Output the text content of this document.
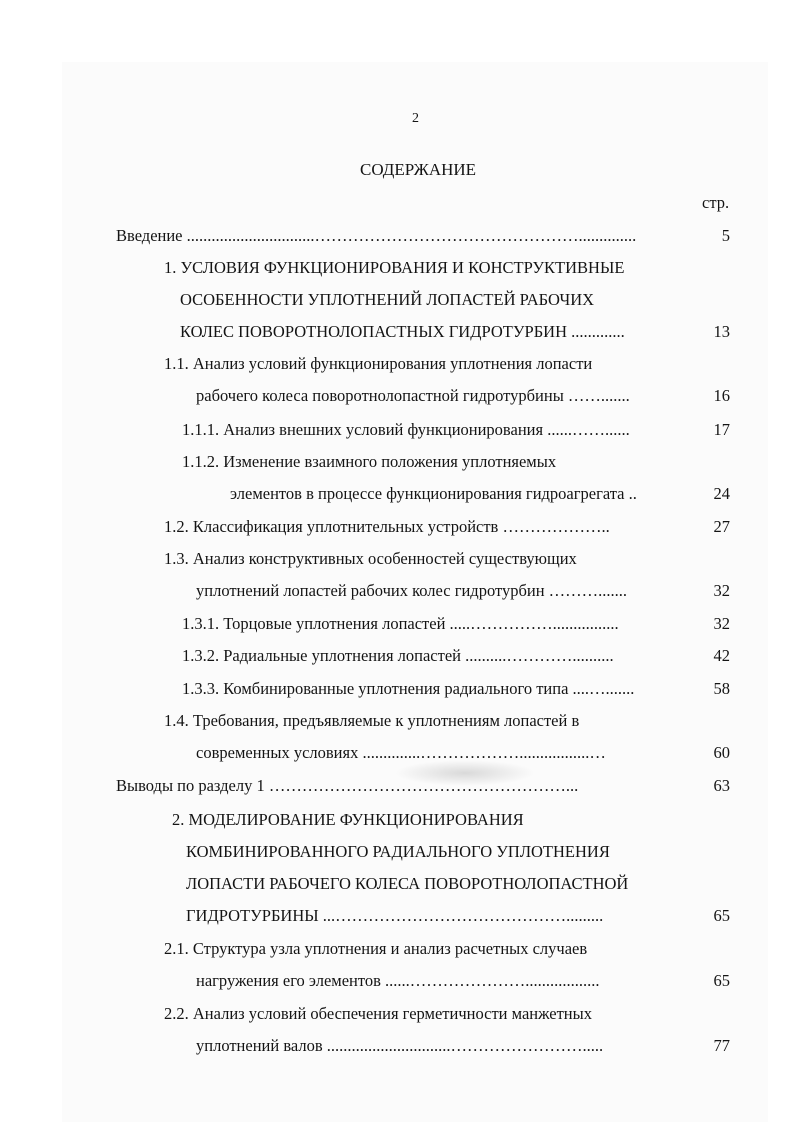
2
СОДЕРЖАНИЕ
стр.
Введение ...............................…………………………………………..............	5
1. УСЛОВИЯ ФУНКЦИОНИРОВАНИЯ И КОНСТРУКТИВНЫЕ
ОСОБЕННОСТИ УПЛОТНЕНИЙ ЛОПАСТЕЙ РАБОЧИХ
КОЛЕС ПОВОРОТНОЛОПАСТНЫХ ГИДРОТУРБИН .............	13
1.1. Анализ условий функционирования уплотнения лопасти
рабочего колеса поворотнолопастной гидротурбины …….......	16
1.1.1. Анализ внешних условий функционирования ......……......	17
1.1.2. Изменение взаимного положения уплотняемых
элементов в процессе функционирования гидроагрегата ..	24
1.2. Классификация уплотнительных устройств ………………..	27
1.3. Анализ конструктивных особенностей существующих
уплотнений лопастей рабочих колес гидротурбин ……….......	32
1.3.1. Торцовые уплотнения лопастей .....……………................	32
1.3.2. Радиальные уплотнения лопастей ..........…………..........	42
1.3.3. Комбинированные уплотнения радиального типа ....….......	58
1.4. Требования, предъявляемые к уплотнениям лопастей в
современных условиях ..............……………….................…	60
Выводы по разделу 1 ………………………………………………...	63
2. МОДЕЛИРОВАНИЕ ФУНКЦИОНИРОВАНИЯ
КОМБИНИРОВАННОГО РАДИАЛЬНОГО УПЛОТНЕНИЯ
ЛОПАСТИ РАБОЧЕГО КОЛЕСА ПОВОРОТНОЛОПАСТНОЙ
ГИДРОТУРБИНЫ ...…………………………………….........	65
2.1. Структура узла уплотнения и анализ расчетных случаев
нагружения его элементов ......…………………..................	65
2.2. Анализ условий обеспечения герметичности манжетных
уплотнений валов ..............................…………………….....	77
